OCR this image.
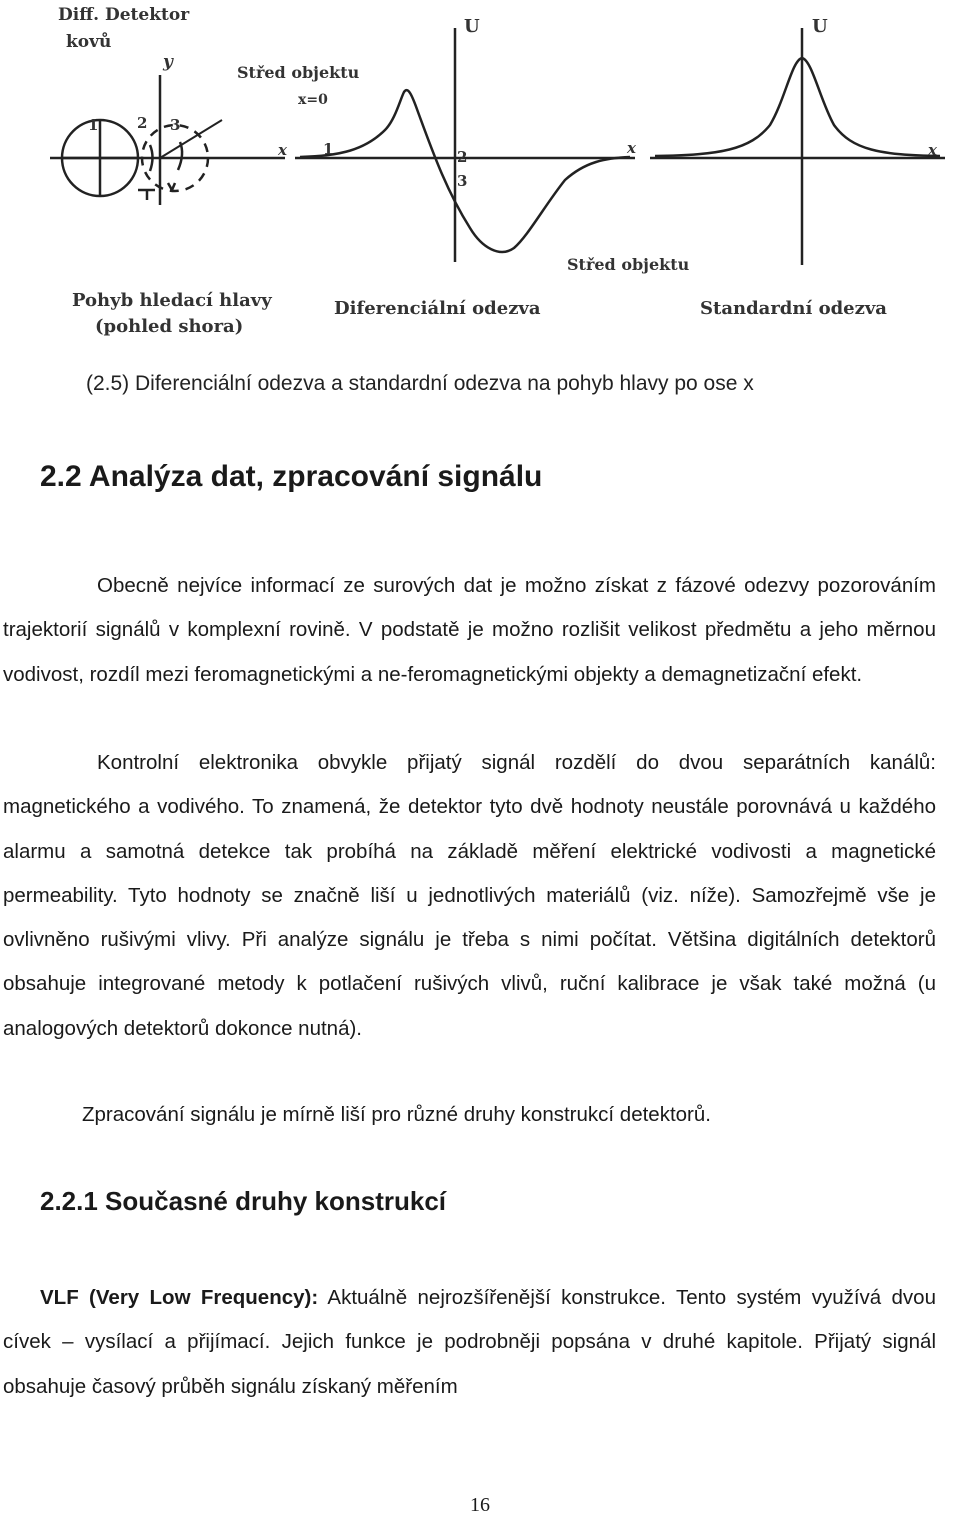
Diff. Detektor
kovů
y
Střed objektu
x=0
x
1	2 3
Pohyb hledací hlavy
(pohled shora)
U
x
1	2
3
Střed objektu
Diferenciální odezva
U
x
Standardní odezva

(2.5) Diferenciální odezva a standardní odezva na pohyb hlavy po ose x

2.2 Analýza dat, zpracování signálu

Obecně nejvíce informací ze surových dat je možno získat z fázové odezvy pozorováním trajektorií signálů v komplexní rovině. V podstatě je možno rozlišit velikost předmětu a jeho měrnou vodivost, rozdíl mezi feromagnetickými a ne-feromagnetickými objekty a demagnetizační efekt.

Kontrolní elektronika obvykle přijatý signál rozdělí do dvou separátních kanálů: magnetického a vodivého. To znamená, že detektor tyto dvě hodnoty neustále porovnává u každého alarmu a samotná detekce tak probíhá na základě měření elektrické vodivosti a magnetické permeability. Tyto hodnoty se značně liší u jednotlivých materiálů (viz. níže). Samozřejmě vše je ovlivněno rušivými vlivy. Při analýze signálu je třeba s nimi počítat. Většina digitálních detektorů obsahuje integrované metody k potlačení rušivých vlivů, ruční kalibrace je však také možná (u analogových detektorů dokonce nutná).

Zpracování signálu je mírně liší pro různé druhy konstrukcí detektorů.

2.2.1 Současné druhy konstrukcí

VLF (Very Low Frequency): Aktuálně nejrozšířenější konstrukce. Tento systém využívá dvou cívek – vysílací a přijímací. Jejich funkce je podrobněji popsána v druhé kapitole. Přijatý signál obsahuje časový průběh signálu získaný měřením

16
